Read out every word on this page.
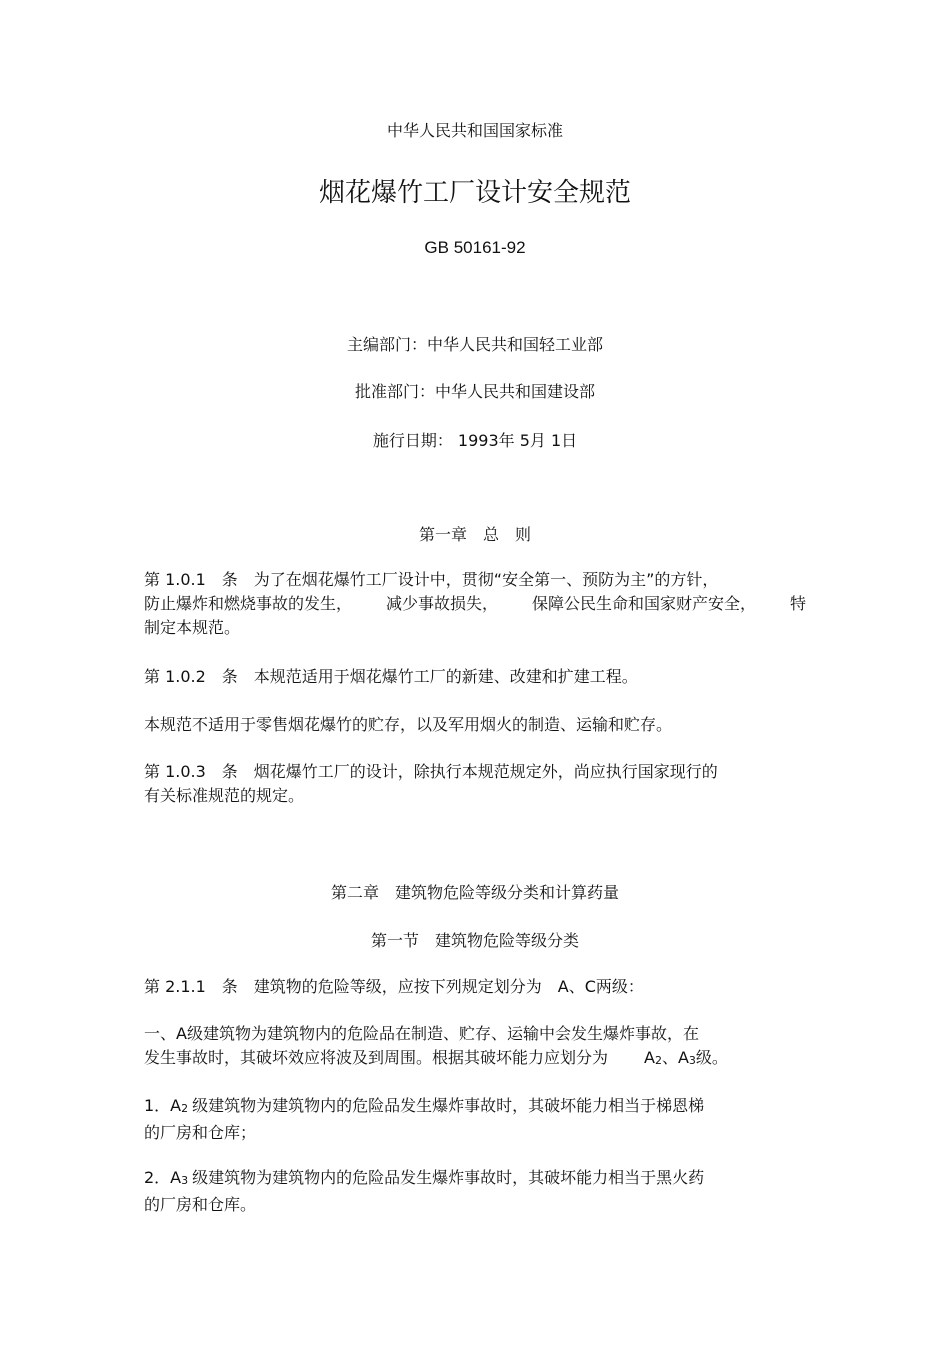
中华人民共和国国家标准
烟花爆竹工厂设计安全规范
GB 50161-92
主编部门：中华人民共和国轻工业部
批准部门：中华人民共和国建设部
施行日期： 1993年 5月 1日
第一章　总　则
第 1.0.1　条　为了在烟花爆竹工厂设计中，贯彻“安全第一、预防为主”的方针，
防止爆炸和燃烧事故的发生， 减少事故损失， 保障公民生命和国家财产安全， 特
制定本规范。
第 1.0.2　条　本规范适用于烟花爆竹工厂的新建、改建和扩建工程。
本规范不适用于零售烟花爆竹的贮存，以及军用烟火的制造、运输和贮存。
第 1.0.3　条　烟花爆竹工厂的设计，除执行本规范规定外，尚应执行国家现行的
有关标准规范的规定。
第二章　建筑物危险等级分类和计算药量
第一节　建筑物危险等级分类
第 2.1.1　条　建筑物的危险等级，应按下列规定划分为　A、C两级：
一、A级建筑物为建筑物内的危险品在制造、贮存、运输中会发生爆炸事故，在
发生事故时，其破坏效应将波及到周围。根据其破坏能力应划分为 A2、A3级。
1．A2 级建筑物为建筑物内的危险品发生爆炸事故时，其破坏能力相当于梯恩梯
的厂房和仓库；
2．A3 级建筑物为建筑物内的危险品发生爆炸事故时，其破坏能力相当于黑火药
的厂房和仓库。
